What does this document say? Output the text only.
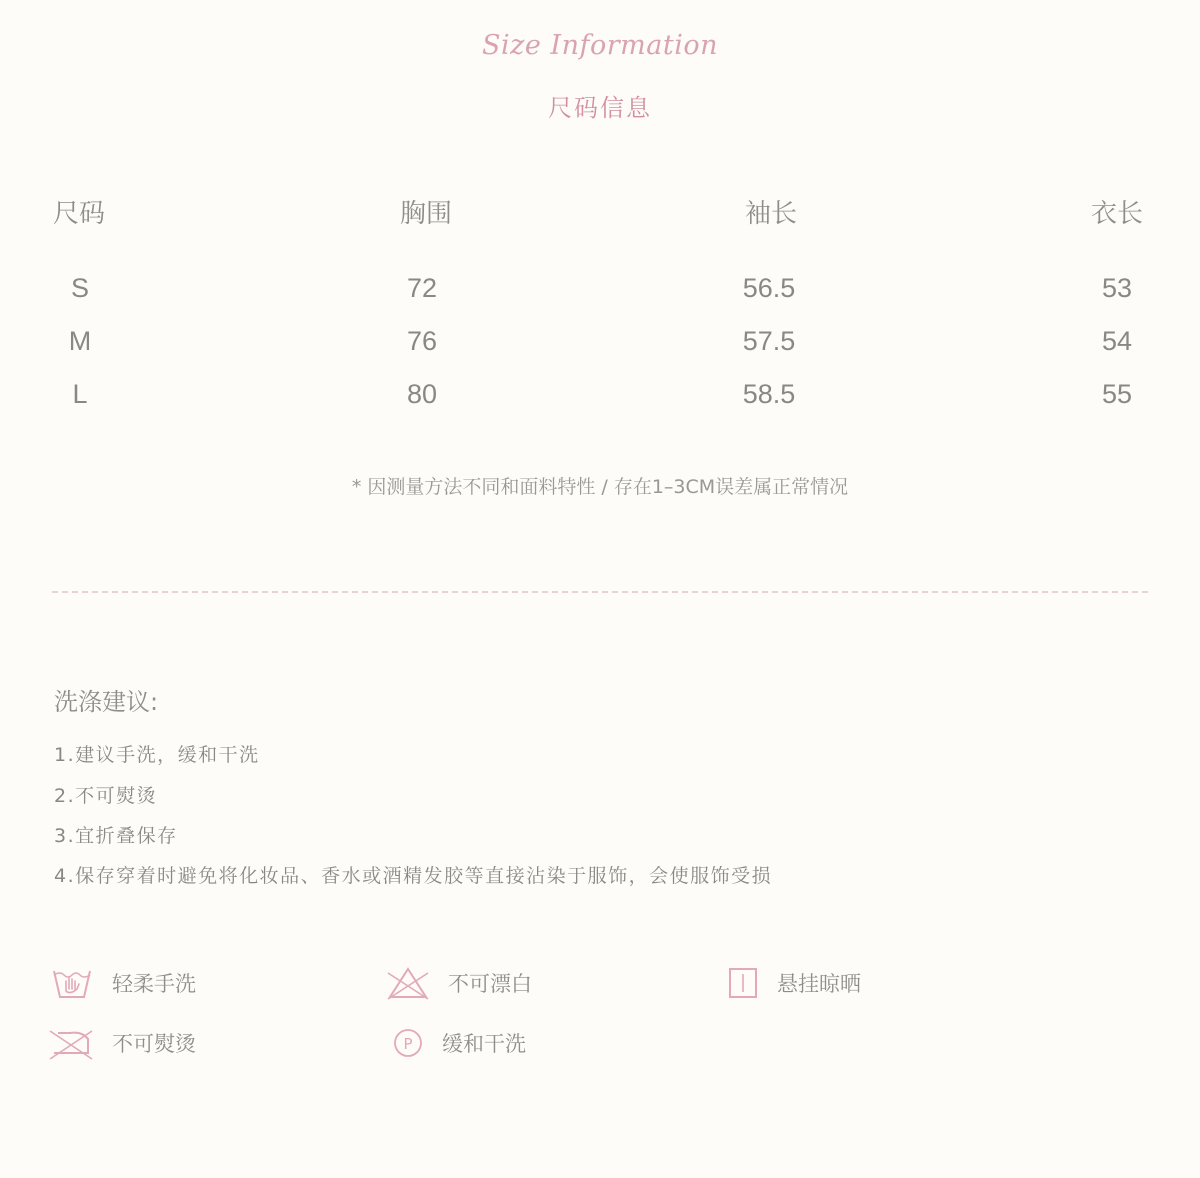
Size Information
尺码信息
尺码	胸围	袖长	衣长
S	72	56.5	53
M	76	57.5	54
L	80	58.5	55
* 因测量方法不同和面料特性 / 存在1–3CM误差属正常情况
洗涤建议:
1.建议手洗，缓和干洗
2.不可熨烫
3.宜折叠保存
4.保存穿着时避免将化妆品、香水或酒精发胶等直接沾染于服饰，会使服饰受损
轻柔手洗	不可漂白	悬挂晾晒
不可熨烫	P 缓和干洗
